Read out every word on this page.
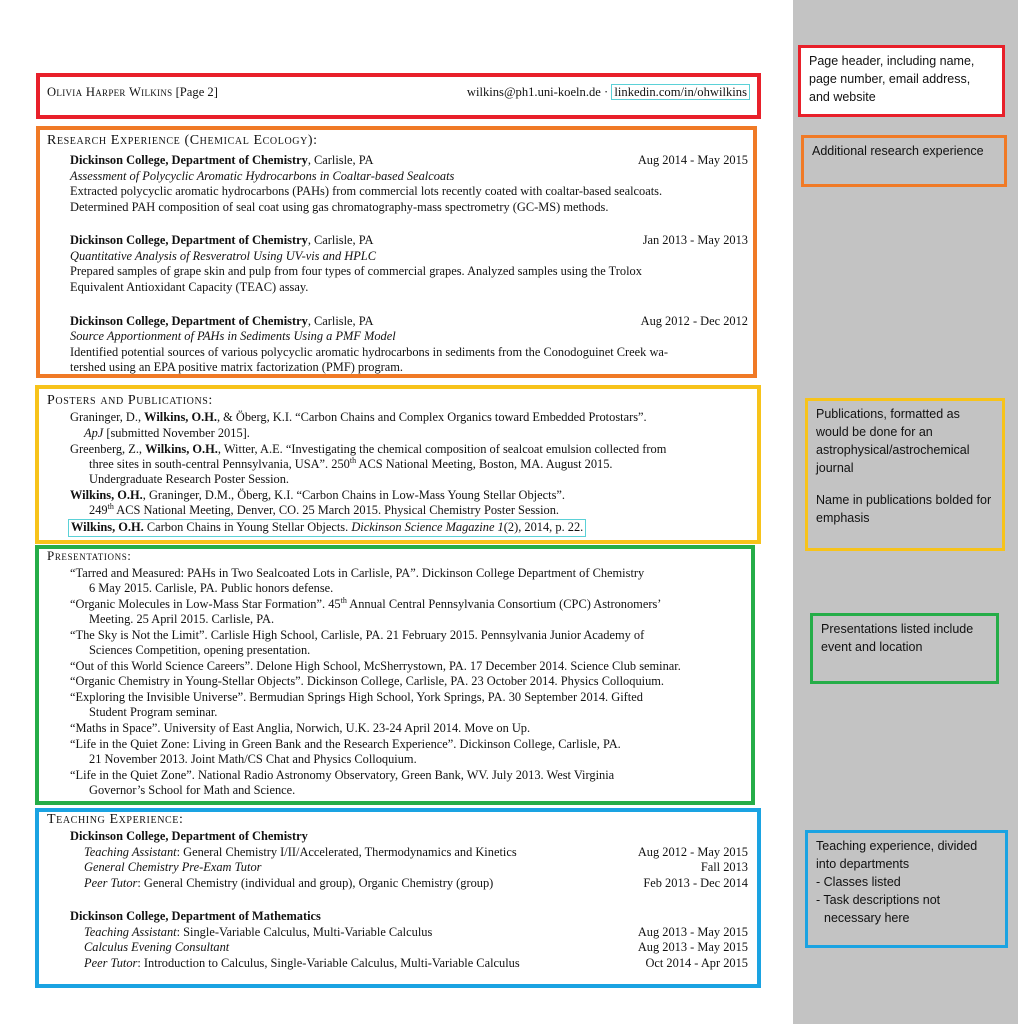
Olivia Harper Wilkins [Page 2]	wilkins@ph1.uni-koeln.de · linkedin.com/in/ohwilkins
Research Experience (Chemical Ecology):
Dickinson College, Department of Chemistry, Carlisle, PA	Aug 2014 - May 2015
Assessment of Polycyclic Aromatic Hydrocarbons in Coaltar-based Sealcoats
Extracted polycyclic aromatic hydrocarbons (PAHs) from commercial lots recently coated with coaltar-based sealcoats.
Determined PAH composition of seal coat using gas chromatography-mass spectrometry (GC-MS) methods.
Dickinson College, Department of Chemistry, Carlisle, PA	Jan 2013 - May 2013
Quantitative Analysis of Resveratrol Using UV-vis and HPLC
Prepared samples of grape skin and pulp from four types of commercial grapes. Analyzed samples using the Trolox
Equivalent Antioxidant Capacity (TEAC) assay.
Dickinson College, Department of Chemistry, Carlisle, PA	Aug 2012 - Dec 2012
Source Apportionment of PAHs in Sediments Using a PMF Model
Identified potential sources of various polycyclic aromatic hydrocarbons in sediments from the Conodoguinet Creek wa-
tershed using an EPA positive matrix factorization (PMF) program.
Posters and Publications:
Graninger, D., Wilkins, O.H., & Öberg, K.I. “Carbon Chains and Complex Organics toward Embedded Protostars”.
ApJ [submitted November 2015].
Greenberg, Z., Wilkins, O.H., Witter, A.E. “Investigating the chemical composition of sealcoat emulsion collected from
three sites in south-central Pennsylvania, USA”. 250th ACS National Meeting, Boston, MA. August 2015.
Undergraduate Research Poster Session.
Wilkins, O.H., Graninger, D.M., Öberg, K.I. “Carbon Chains in Low-Mass Young Stellar Objects”.
249th ACS National Meeting, Denver, CO. 25 March 2015. Physical Chemistry Poster Session.
Wilkins, O.H. Carbon Chains in Young Stellar Objects. Dickinson Science Magazine 1(2), 2014, p. 22.
Presentations:
“Tarred and Measured: PAHs in Two Sealcoated Lots in Carlisle, PA”. Dickinson College Department of Chemistry
6 May 2015. Carlisle, PA. Public honors defense.
“Organic Molecules in Low-Mass Star Formation”. 45th Annual Central Pennsylvania Consortium (CPC) Astronomers’
Meeting. 25 April 2015. Carlisle, PA.
“The Sky is Not the Limit”. Carlisle High School, Carlisle, PA. 21 February 2015. Pennsylvania Junior Academy of
Sciences Competition, opening presentation.
“Out of this World Science Careers”. Delone High School, McSherrystown, PA. 17 December 2014. Science Club seminar.
“Organic Chemistry in Young-Stellar Objects”. Dickinson College, Carlisle, PA. 23 October 2014. Physics Colloquium.
“Exploring the Invisible Universe”. Bermudian Springs High School, York Springs, PA. 30 September 2014. Gifted
Student Program seminar.
“Maths in Space”. University of East Anglia, Norwich, U.K. 23-24 April 2014. Move on Up.
“Life in the Quiet Zone: Living in Green Bank and the Research Experience”. Dickinson College, Carlisle, PA.
21 November 2013. Joint Math/CS Chat and Physics Colloquium.
“Life in the Quiet Zone”. National Radio Astronomy Observatory, Green Bank, WV. July 2013. West Virginia
Governor’s School for Math and Science.
Teaching Experience:
Dickinson College, Department of Chemistry
Teaching Assistant: General Chemistry I/II/Accelerated, Thermodynamics and Kinetics	Aug 2012 - May 2015
General Chemistry Pre-Exam Tutor	Fall 2013
Peer Tutor: General Chemistry (individual and group), Organic Chemistry (group)	Feb 2013 - Dec 2014
Dickinson College, Department of Mathematics
Teaching Assistant: Single-Variable Calculus, Multi-Variable Calculus	Aug 2013 - May 2015
Calculus Evening Consultant	Aug 2013 - May 2015
Peer Tutor: Introduction to Calculus, Single-Variable Calculus, Multi-Variable Calculus	Oct 2014 - Apr 2015

Page header, including name, page number, email address, and website

Additional research experience

Publications, formatted as would be done for an astrophysical/astrochemical journal

Name in publications bolded for emphasis

Presentations listed include event and location

Teaching experience, divided into departments

- Classes listed

- Task descriptions not

necessary here
